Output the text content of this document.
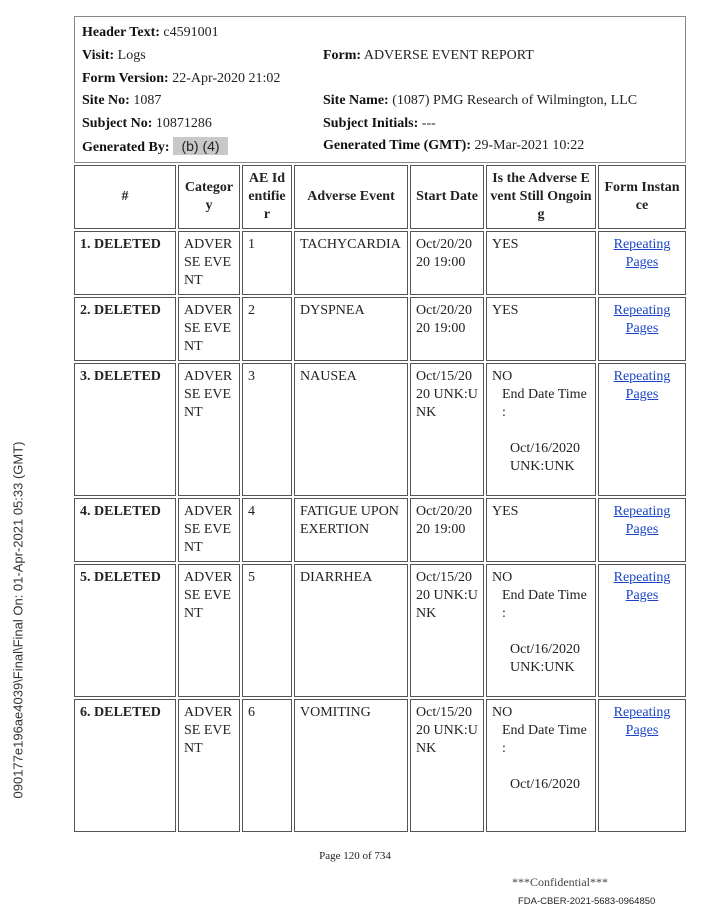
Header Text: c4591001
Visit: Logs	Form: ADVERSE EVENT REPORT
Form Version: 22-Apr-2020 21:02
Site No: 1087	Site Name: (1087) PMG Research of Wilmington, LLC
Subject No: 10871286	Subject Initials: ---
Generated By: (b) (4)	Generated Time (GMT): 29-Mar-2021 10:22
#	Category	AE Identifier	Adverse Event	Start Date	Is the Adverse Event Still Ongoing	Form Instance
1. DELETED	ADVERSE EVENT	1	TACHYCARDIA	Oct/20/2020 19:00	YES	Repeating Pages
2. DELETED	ADVERSE EVENT	2	DYSPNEA	Oct/20/2020 19:00	YES	Repeating Pages
3. DELETED	ADVERSE EVENT	3	NAUSEA	Oct/15/2020 UNK:UNK	NO
End Date Time :
Oct/16/2020 UNK:UNK	Repeating Pages
4. DELETED	ADVERSE EVENT	4	FATIGUE UPON EXERTION	Oct/20/2020 19:00	YES	Repeating Pages
5. DELETED	ADVERSE EVENT	5	DIARRHEA	Oct/15/2020 UNK:UNK	NO
End Date Time :
Oct/16/2020 UNK:UNK	Repeating Pages
6. DELETED	ADVERSE EVENT	6	VOMITING	Oct/15/2020 UNK:UNK	NO
End Date Time :
Oct/16/2020	Repeating Pages
090177e196ae4039\Final\Final On: 01-Apr-2021 05:33 (GMT)
Page 120 of 734
***Confidential***
FDA-CBER-2021-5683-0964850
